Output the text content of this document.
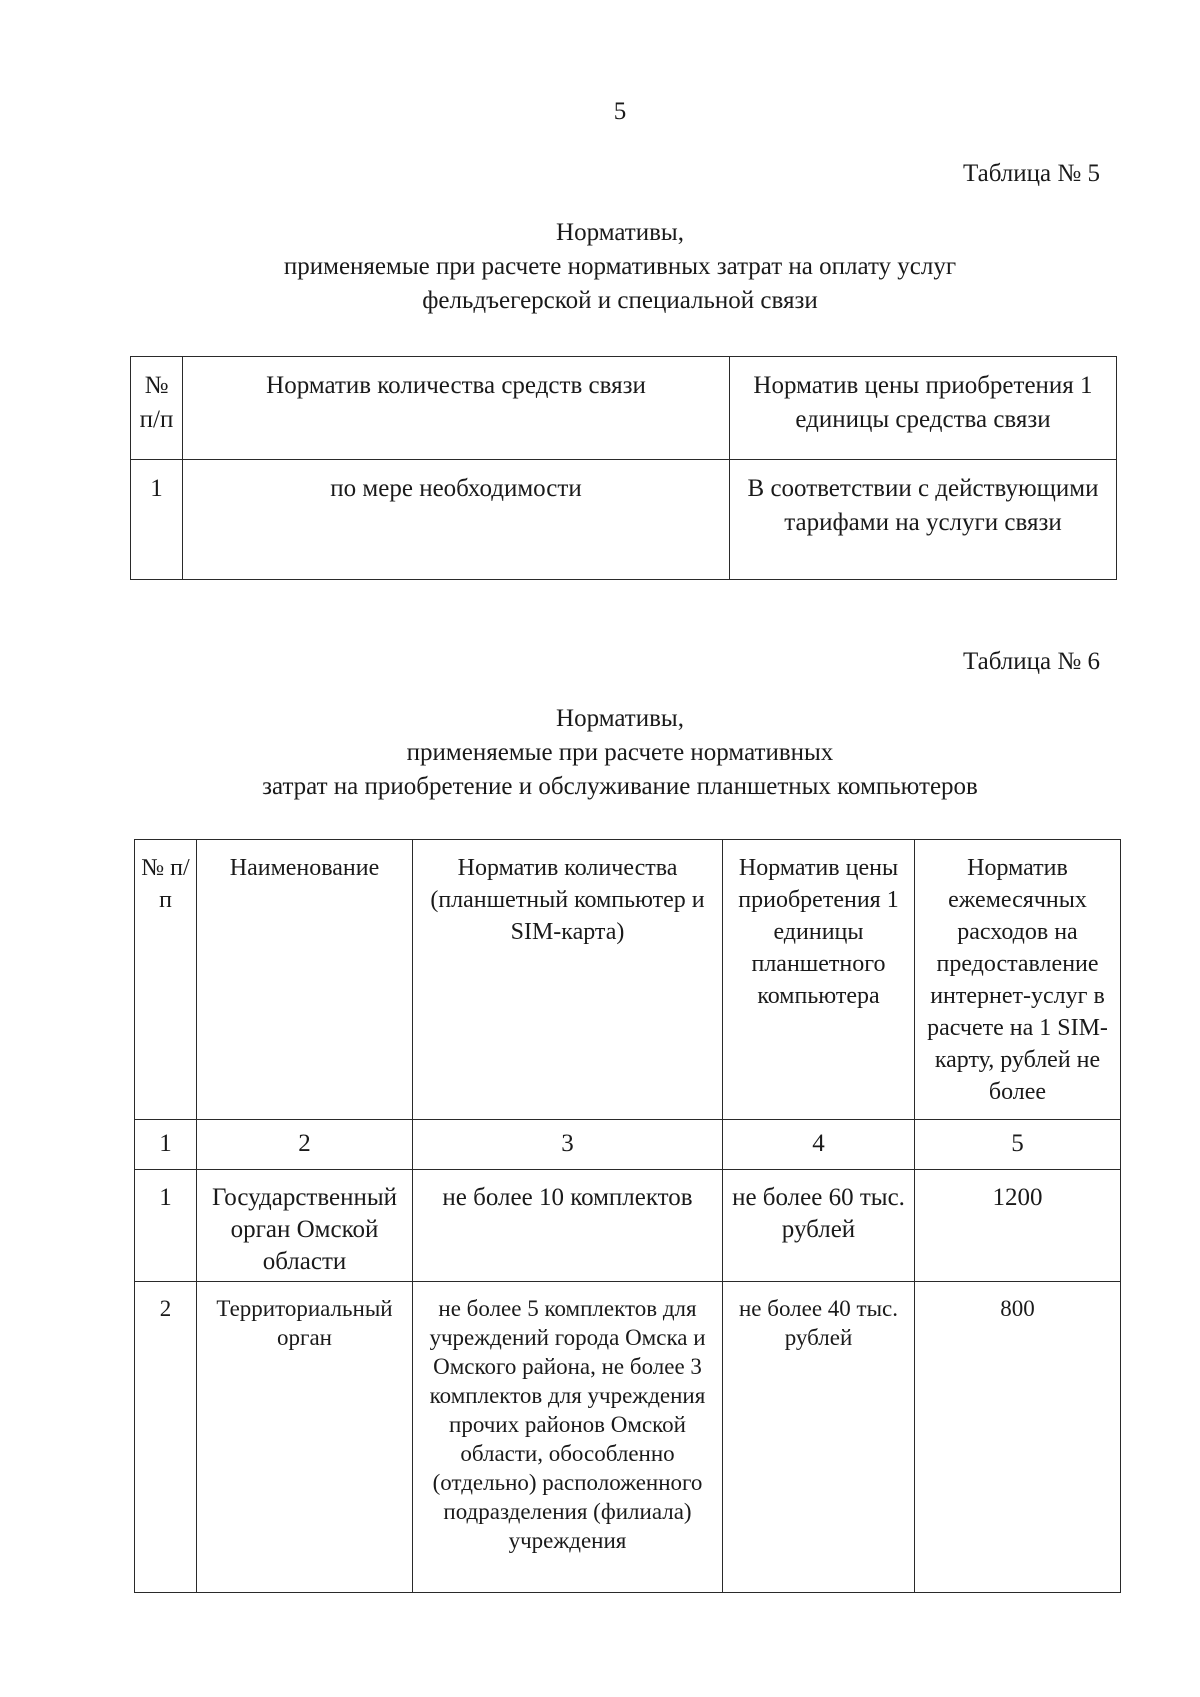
5
Таблица № 5
Нормативы,
применяемые при расчете нормативных затрат на оплату услуг
фельдъегерской и специальной связи
№ п/п	Норматив количества средств связи	Норматив цены приобретения 1 единицы средства связи
1	по мере необходимости	В соответствии с действующими тарифами на услуги связи
Таблица № 6
Нормативы,
применяемые при расчете нормативных
затрат на приобретение и обслуживание планшетных компьютеров
№ п/п	Наименование	Норматив количества (планшетный компьютер и SIM-карта)	Норматив цены приобретения 1 единицы планшетного компьютера	Норматив ежемесячных расходов на предоставление интернет-услуг в расчете на 1 SIM-карту, рублей не более
1	2	3	4	5
1	Государственный орган Омской области	не более 10 комплектов	не более 60 тыс. рублей	1200
2	Территориальный орган	не более 5 комплектов для учреждений города Омска и Омского района, не более 3 комплектов для учреждения прочих районов Омской области, обособленно (отдельно) расположенного подразделения (филиала) учреждения	не более 40 тыс. рублей	800
